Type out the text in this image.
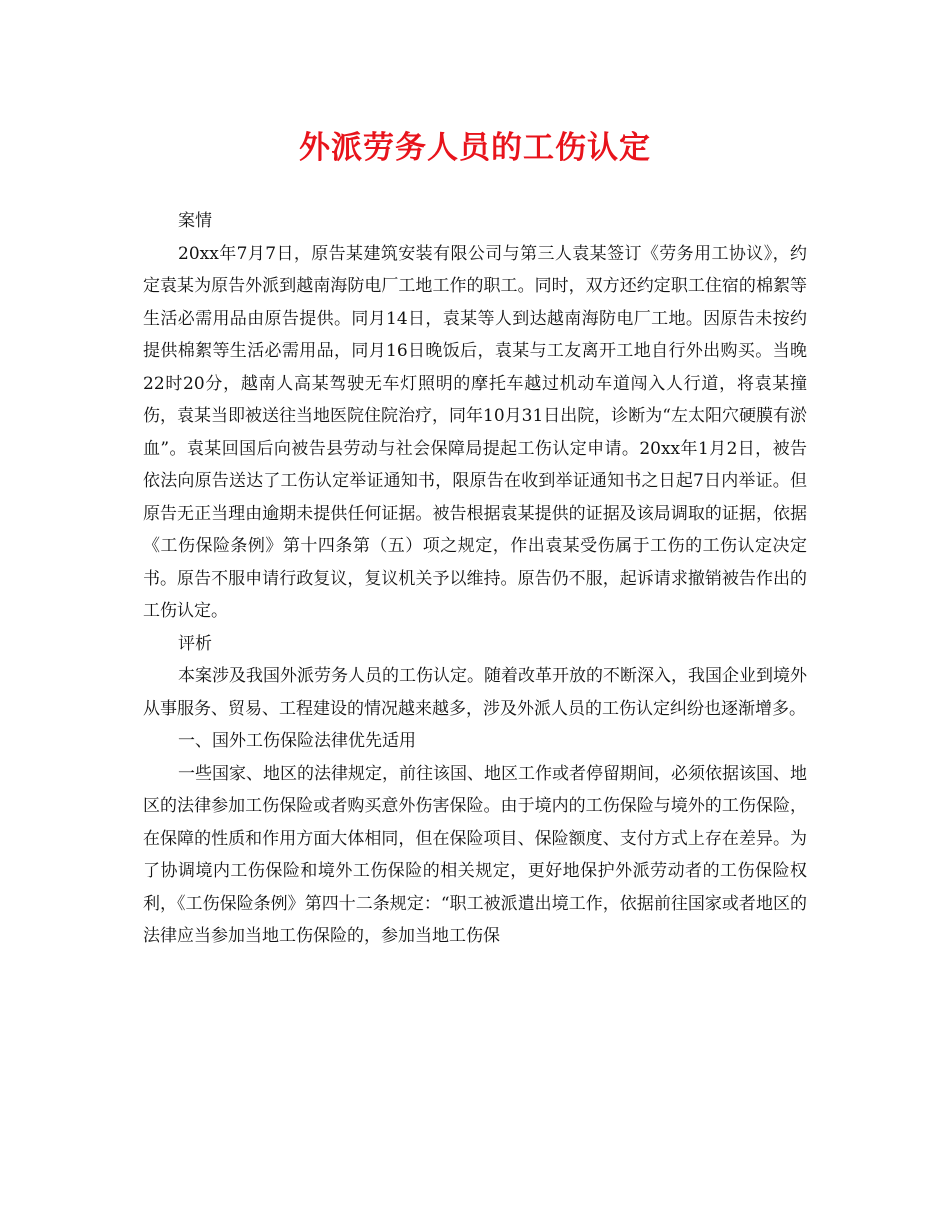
外派劳务人员的工伤认定

案情

20xx年7月7日，原告某建筑安装有限公司与第三人袁某签订《劳务用工协议》，约定袁某为原告外派到越南海防电厂工地工作的职工。同时，双方还约定职工住宿的棉絮等生活必需用品由原告提供。同月14日，袁某等人到达越南海防电厂工地。因原告未按约提供棉絮等生活必需用品，同月16日晚饭后，袁某与工友离开工地自行外出购买。当晚22时20分，越南人高某驾驶无车灯照明的摩托车越过机动车道闯入人行道，将袁某撞伤，袁某当即被送往当地医院住院治疗，同年10月31日出院，诊断为“左太阳穴硬膜有淤血”。袁某回国后向被告县劳动与社会保障局提起工伤认定申请。20xx年1月2日，被告依法向原告送达了工伤认定举证通知书，限原告在收到举证通知书之日起7日内举证。但原告无正当理由逾期未提供任何证据。被告根据袁某提供的证据及该局调取的证据，依据《工伤保险条例》第十四条第（五）项之规定，作出袁某受伤属于工伤的工伤认定决定书。原告不服申请行政复议，复议机关予以维持。原告仍不服，起诉请求撤销被告作出的工伤认定。

评析

本案涉及我国外派劳务人员的工伤认定。随着改革开放的不断深入，我国企业到境外从事服务、贸易、工程建设的情况越来越多，涉及外派人员的工伤认定纠纷也逐渐增多。

一、国外工伤保险法律优先适用

一些国家、地区的法律规定，前往该国、地区工作或者停留期间，必须依据该国、地区的法律参加工伤保险或者购买意外伤害保险。由于境内的工伤保险与境外的工伤保险，在保障的性质和作用方面大体相同，但在保险项目、保险额度、支付方式上存在差异。为了协调境内工伤保险和境外工伤保险的相关规定，更好地保护外派劳动者的工伤保险权利，《工伤保险条例》第四十二条规定：“职工被派遣出境工作，依据前往国家或者地区的法律应当参加当地工伤保险的，参加当地工伤保
